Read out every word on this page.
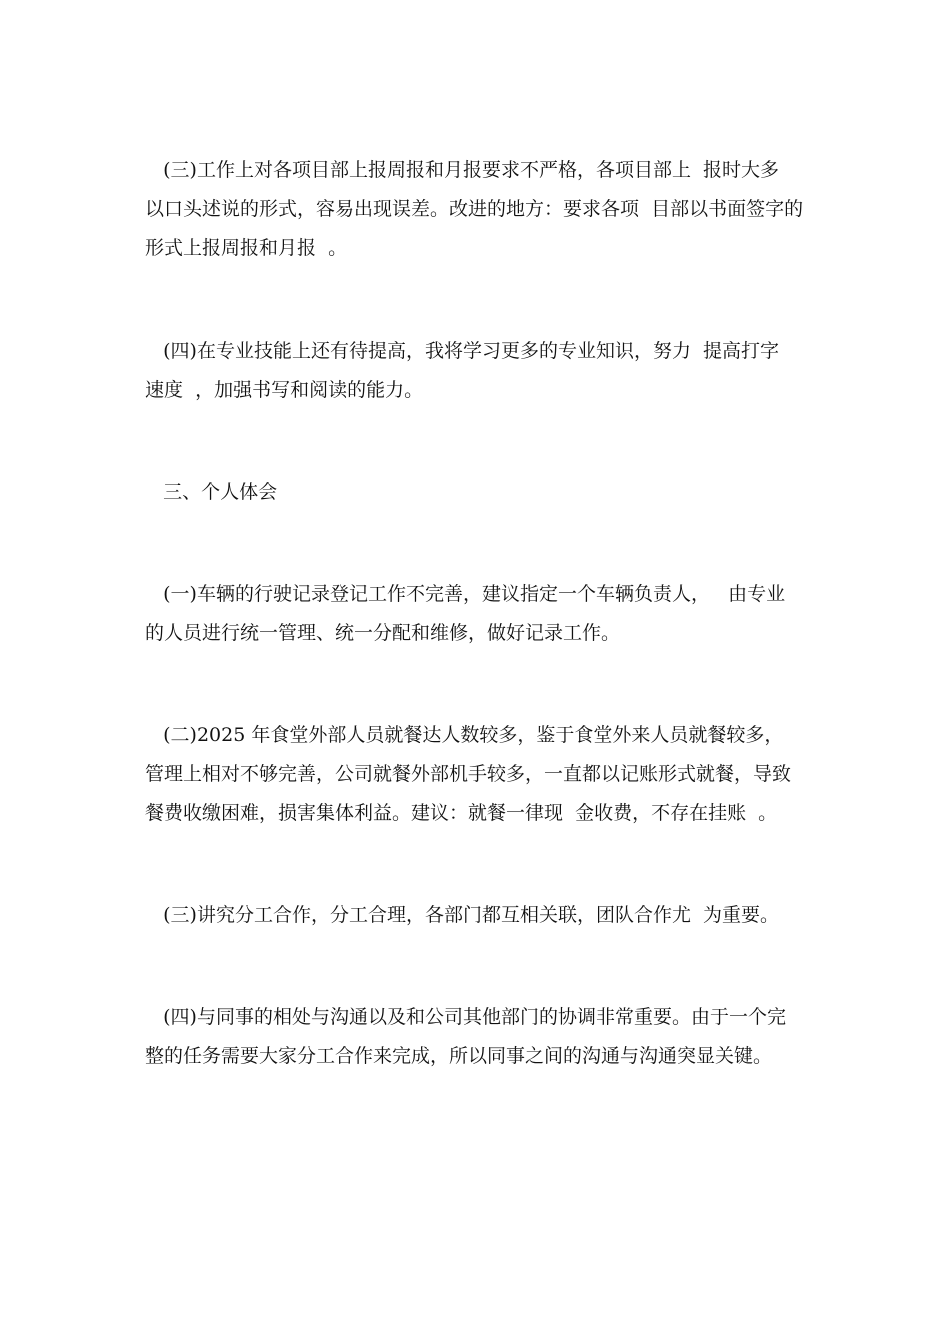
(三)工作上对各项目部上报周报和月报要求不严格，各项目部上  报时大多
以口头述说的形式，容易出现误差。改进的地方：要求各项  目部以书面签字的
形式上报周报和月报  。
(四)在专业技能上还有待提高，我将学习更多的专业知识，努力  提高打字
速度  ，加强书写和阅读的能力。
三、个人体会
(一)车辆的行驶记录登记工作不完善，建议指定一个车辆负责人，   由专业
的人员进行统一管理、统一分配和维修，做好记录工作。
(二)2025 年食堂外部人员就餐达人数较多，鉴于食堂外来人员就餐较多，
管理上相对不够完善，公司就餐外部机手较多，一直都以记账形式就餐，导致
餐费收缴困难，损害集体利益。建议：就餐一律现  金收费，不存在挂账  。
(三)讲究分工合作，分工合理，各部门都互相关联，团队合作尤  为重要。
(四)与同事的相处与沟通以及和公司其他部门的协调非常重要。由于一个完
整的任务需要大家分工合作来完成，所以同事之间的沟通与沟通突显关键。
